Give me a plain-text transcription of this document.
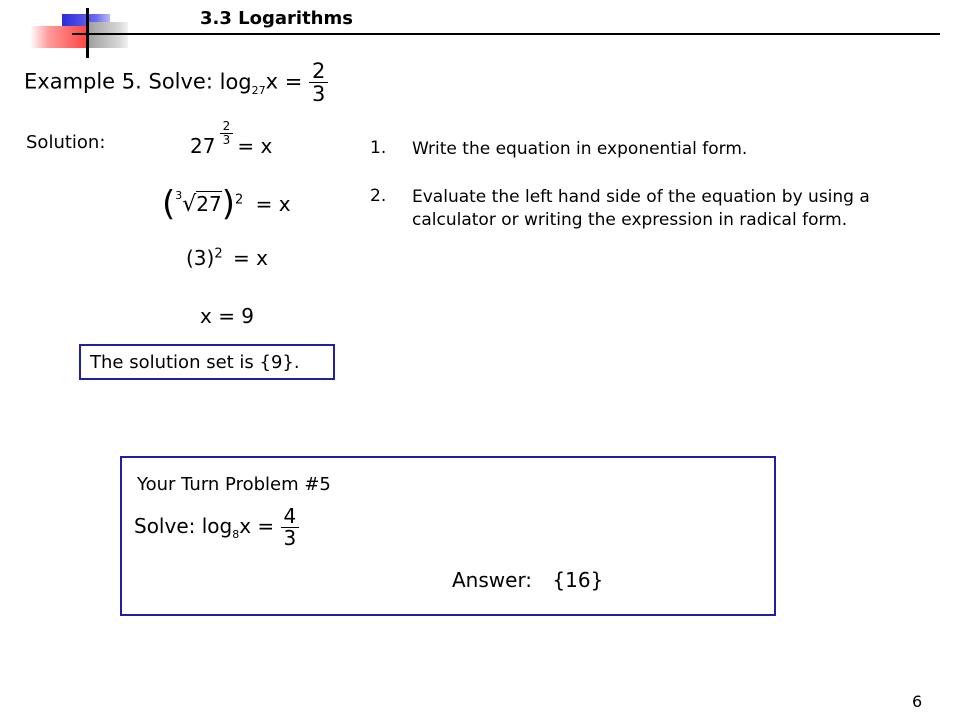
3.3 Logarithms
Example 5. Solve: $\log_{27}x = \frac{2}{3}$
Solution:	27 $^{\frac{2}{3}}$ = x
$(^3√27)^2 = x$
$(3)^2 = x$
x = 9
1. Write the equation in exponential form.
2. Evaluate the left hand side of the equation by using a calculator or writing the expression in radical form.
The solution set is {9}.
Your Turn Problem #5
Solve: $\log_8x = \frac{4}{3}$
Answer: {16}
6
